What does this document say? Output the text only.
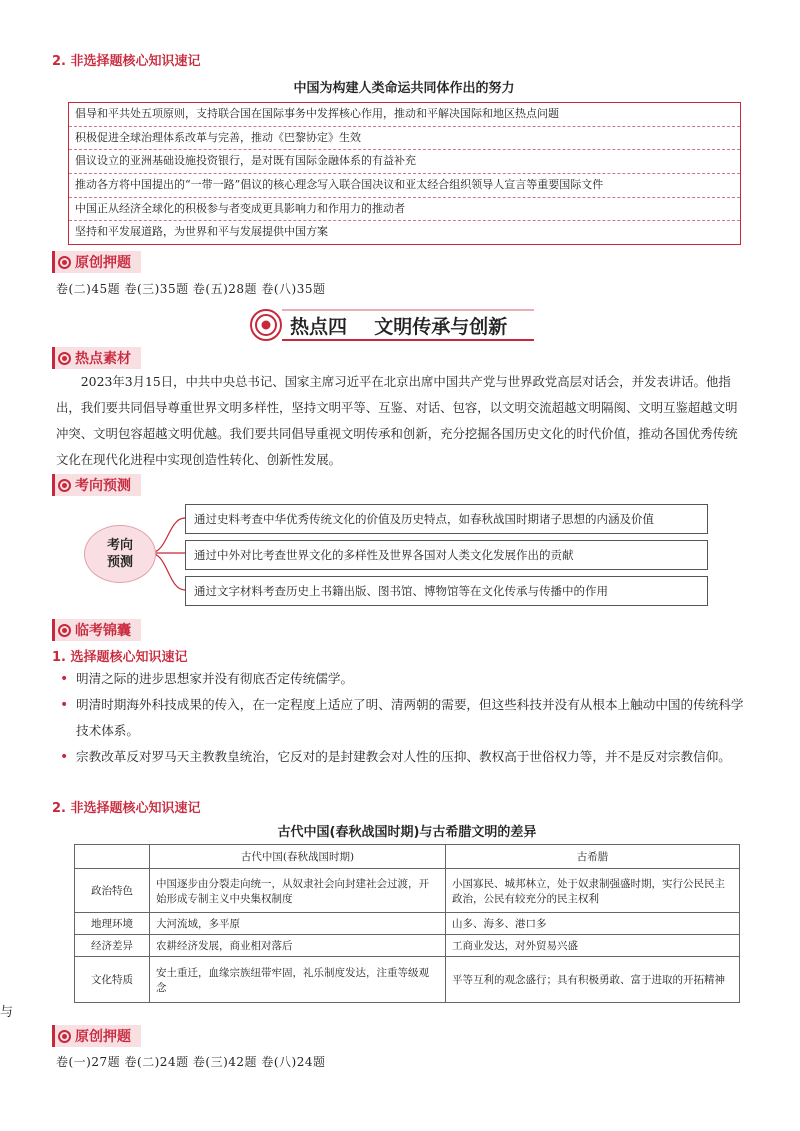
2. 非选择题核心知识速记
中国为构建人类命运共同体作出的努力
倡导和平共处五项原则，支持联合国在国际事务中发挥核心作用，推动和平解决国际和地区热点问题
积极促进全球治理体系改革与完善，推动《巴黎协定》生效
倡议设立的亚洲基础设施投资银行，是对既有国际金融体系的有益补充
推动各方将中国提出的“一带一路”倡议的核心理念写入联合国决议和亚太经合组织领导人宣言等重要国际文件
中国正从经济全球化的积极参与者变成更具影响力和作用力的推动者
坚持和平发展道路，为世界和平与发展提供中国方案
原创押题
卷(二)45题 卷(三)35题 卷(五)28题 卷(八)35题
热点四 文明传承与创新
热点素材
2023年3月15日，中共中央总书记、国家主席习近平在北京出席中国共产党与世界政党高层对话会，并发表讲话。他指出，我们要共同倡导尊重世界文明多样性，坚持文明平等、互鉴、对话、包容，以文明交流超越文明隔阂、文明互鉴超越文明冲突、文明包容超越文明优越。我们要共同倡导重视文明传承和创新，充分挖掘各国历史文化的时代价值，推动各国优秀传统文化在现代化进程中实现创造性转化、创新性发展。
考向预测
考向
预测
通过史料考查中华优秀传统文化的价值及历史特点，如春秋战国时期诸子思想的内涵及价值
通过中外对比考查世界文化的多样性及世界各国对人类文化发展作出的贡献
通过文字材料考查历史上书籍出版、图书馆、博物馆等在文化传承与传播中的作用
临考锦囊
1. 选择题核心知识速记
• 明清之际的进步思想家并没有彻底否定传统儒学。
• 明清时期海外科技成果的传入，在一定程度上适应了明、清两朝的需要，但这些科技并没有从根本上触动中国的传统科学技术体系。
• 宗教改革反对罗马天主教教皇统治，它反对的是封建教会对人性的压抑、教权高于世俗权力等，并不是反对宗教信仰。
2. 非选择题核心知识速记
古代中国(春秋战国时期)与古希腊文明的差异
	古代中国(春秋战国时期)	古希腊
政治特色	中国逐步由分裂走向统一，从奴隶社会向封建社会过渡，开始形成专制主义中央集权制度	小国寡民、城邦林立，处于奴隶制强盛时期，实行公民民主政治，公民有较充分的民主权利
地理环境	大河流域，多平原	山多、海多、港口多
经济差异	农耕经济发展，商业相对落后	工商业发达，对外贸易兴盛
文化特质	安土重迁，血缘宗族纽带牢固，礼乐制度发达，注重等级观念	平等互利的观念盛行；具有积极勇敢、富于进取的开拓精神
与
原创押题
卷(一)27题 卷(二)24题 卷(三)42题 卷(八)24题
